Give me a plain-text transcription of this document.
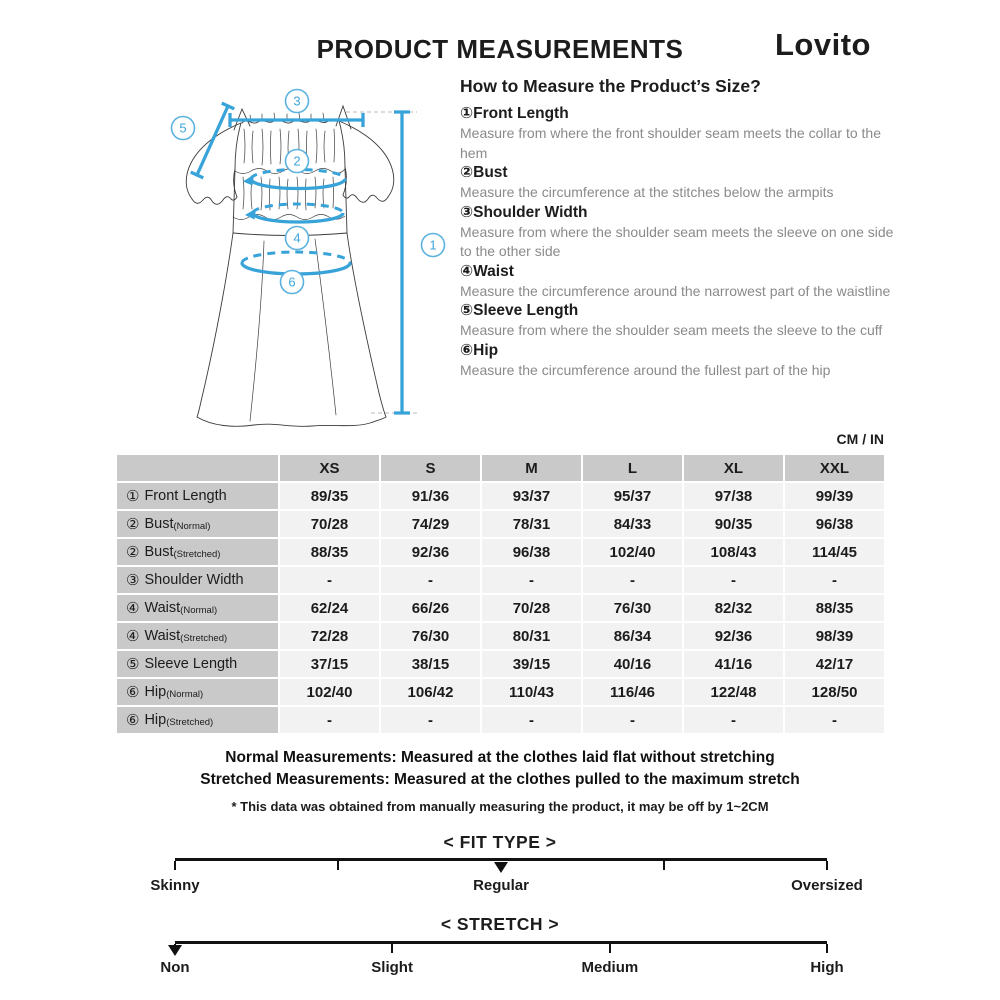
PRODUCT MEASUREMENTS	Lovito
3
5
2
4
6
1
How to Measure the Product’s Size?
①Front Length
Measure from where the front shoulder seam meets the collar to the hem
②Bust
Measure the circumference at the stitches below the armpits
③Shoulder Width
Measure from where the shoulder seam meets the sleeve on one side to the other side
④Waist
Measure the circumference around the narrowest part of the waistline
⑤Sleeve Length
Measure from where the shoulder seam meets the sleeve to the cuff
⑥Hip
Measure the circumference around the fullest part of the hip
CM / IN
XS	S	M	L	XL	XXL
① Front Length	89/35	91/36	93/37	95/37	97/38	99/39
② Bust (Normal)	70/28	74/29	78/31	84/33	90/35	96/38
② Bust (Stretched)	88/35	92/36	96/38	102/40	108/43	114/45
③ Shoulder Width	-	-	-	-	-	-
④ Waist (Normal)	62/24	66/26	70/28	76/30	82/32	88/35
④ Waist (Stretched)	72/28	76/30	80/31	86/34	92/36	98/39
⑤ Sleeve Length	37/15	38/15	39/15	40/16	41/16	42/17
⑥ Hip (Normal)	102/40	106/42	110/43	116/46	122/48	128/50
⑥ Hip (Stretched)	-	-	-	-	-	-
Normal Measurements: Measured at the clothes laid flat without stretching
Stretched Measurements: Measured at the clothes pulled to the maximum stretch
* This data was obtained from manually measuring the product, it may be off by 1~2CM
< FIT TYPE >
Skinny	Regular	Oversized
< STRETCH >
Non	Slight	Medium	High
